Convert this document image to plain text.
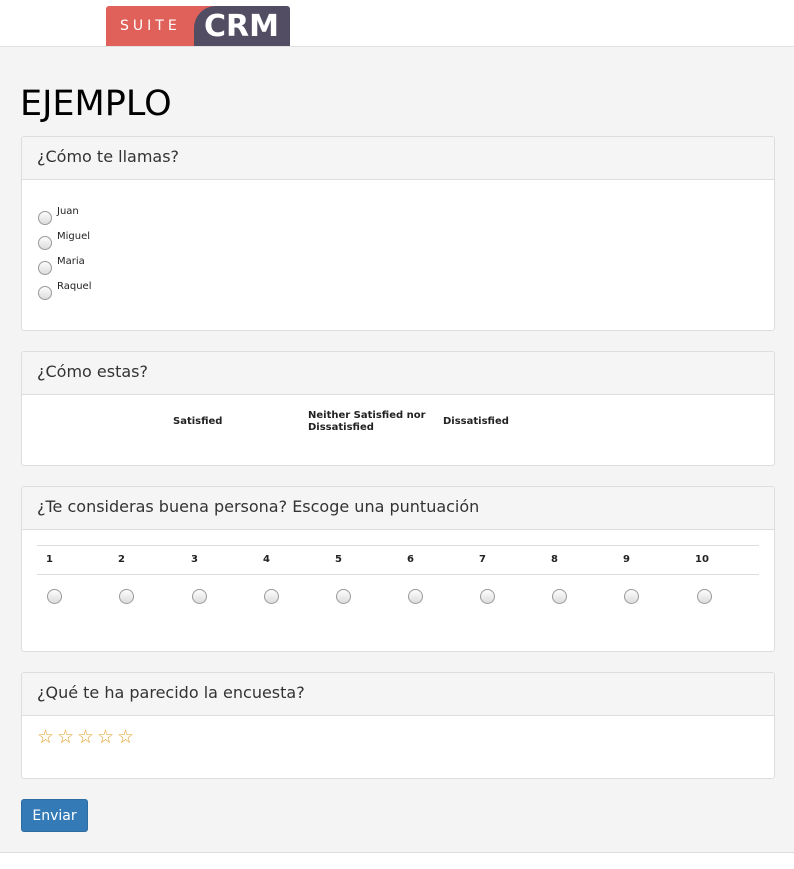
SUITE CRM
EJEMPLO
¿Cómo te llamas?
Juan
Miguel
Maria
Raquel
¿Cómo estas?
Satisfied
Neither Satisfied nor Dissatisfied
Dissatisfied
¿Te consideras buena persona? Escoge una puntuación
1	2	3	4	5	6	7	8	9	10
¿Qué te ha parecido la encuesta?
☆ ☆ ☆ ☆ ☆
Enviar
